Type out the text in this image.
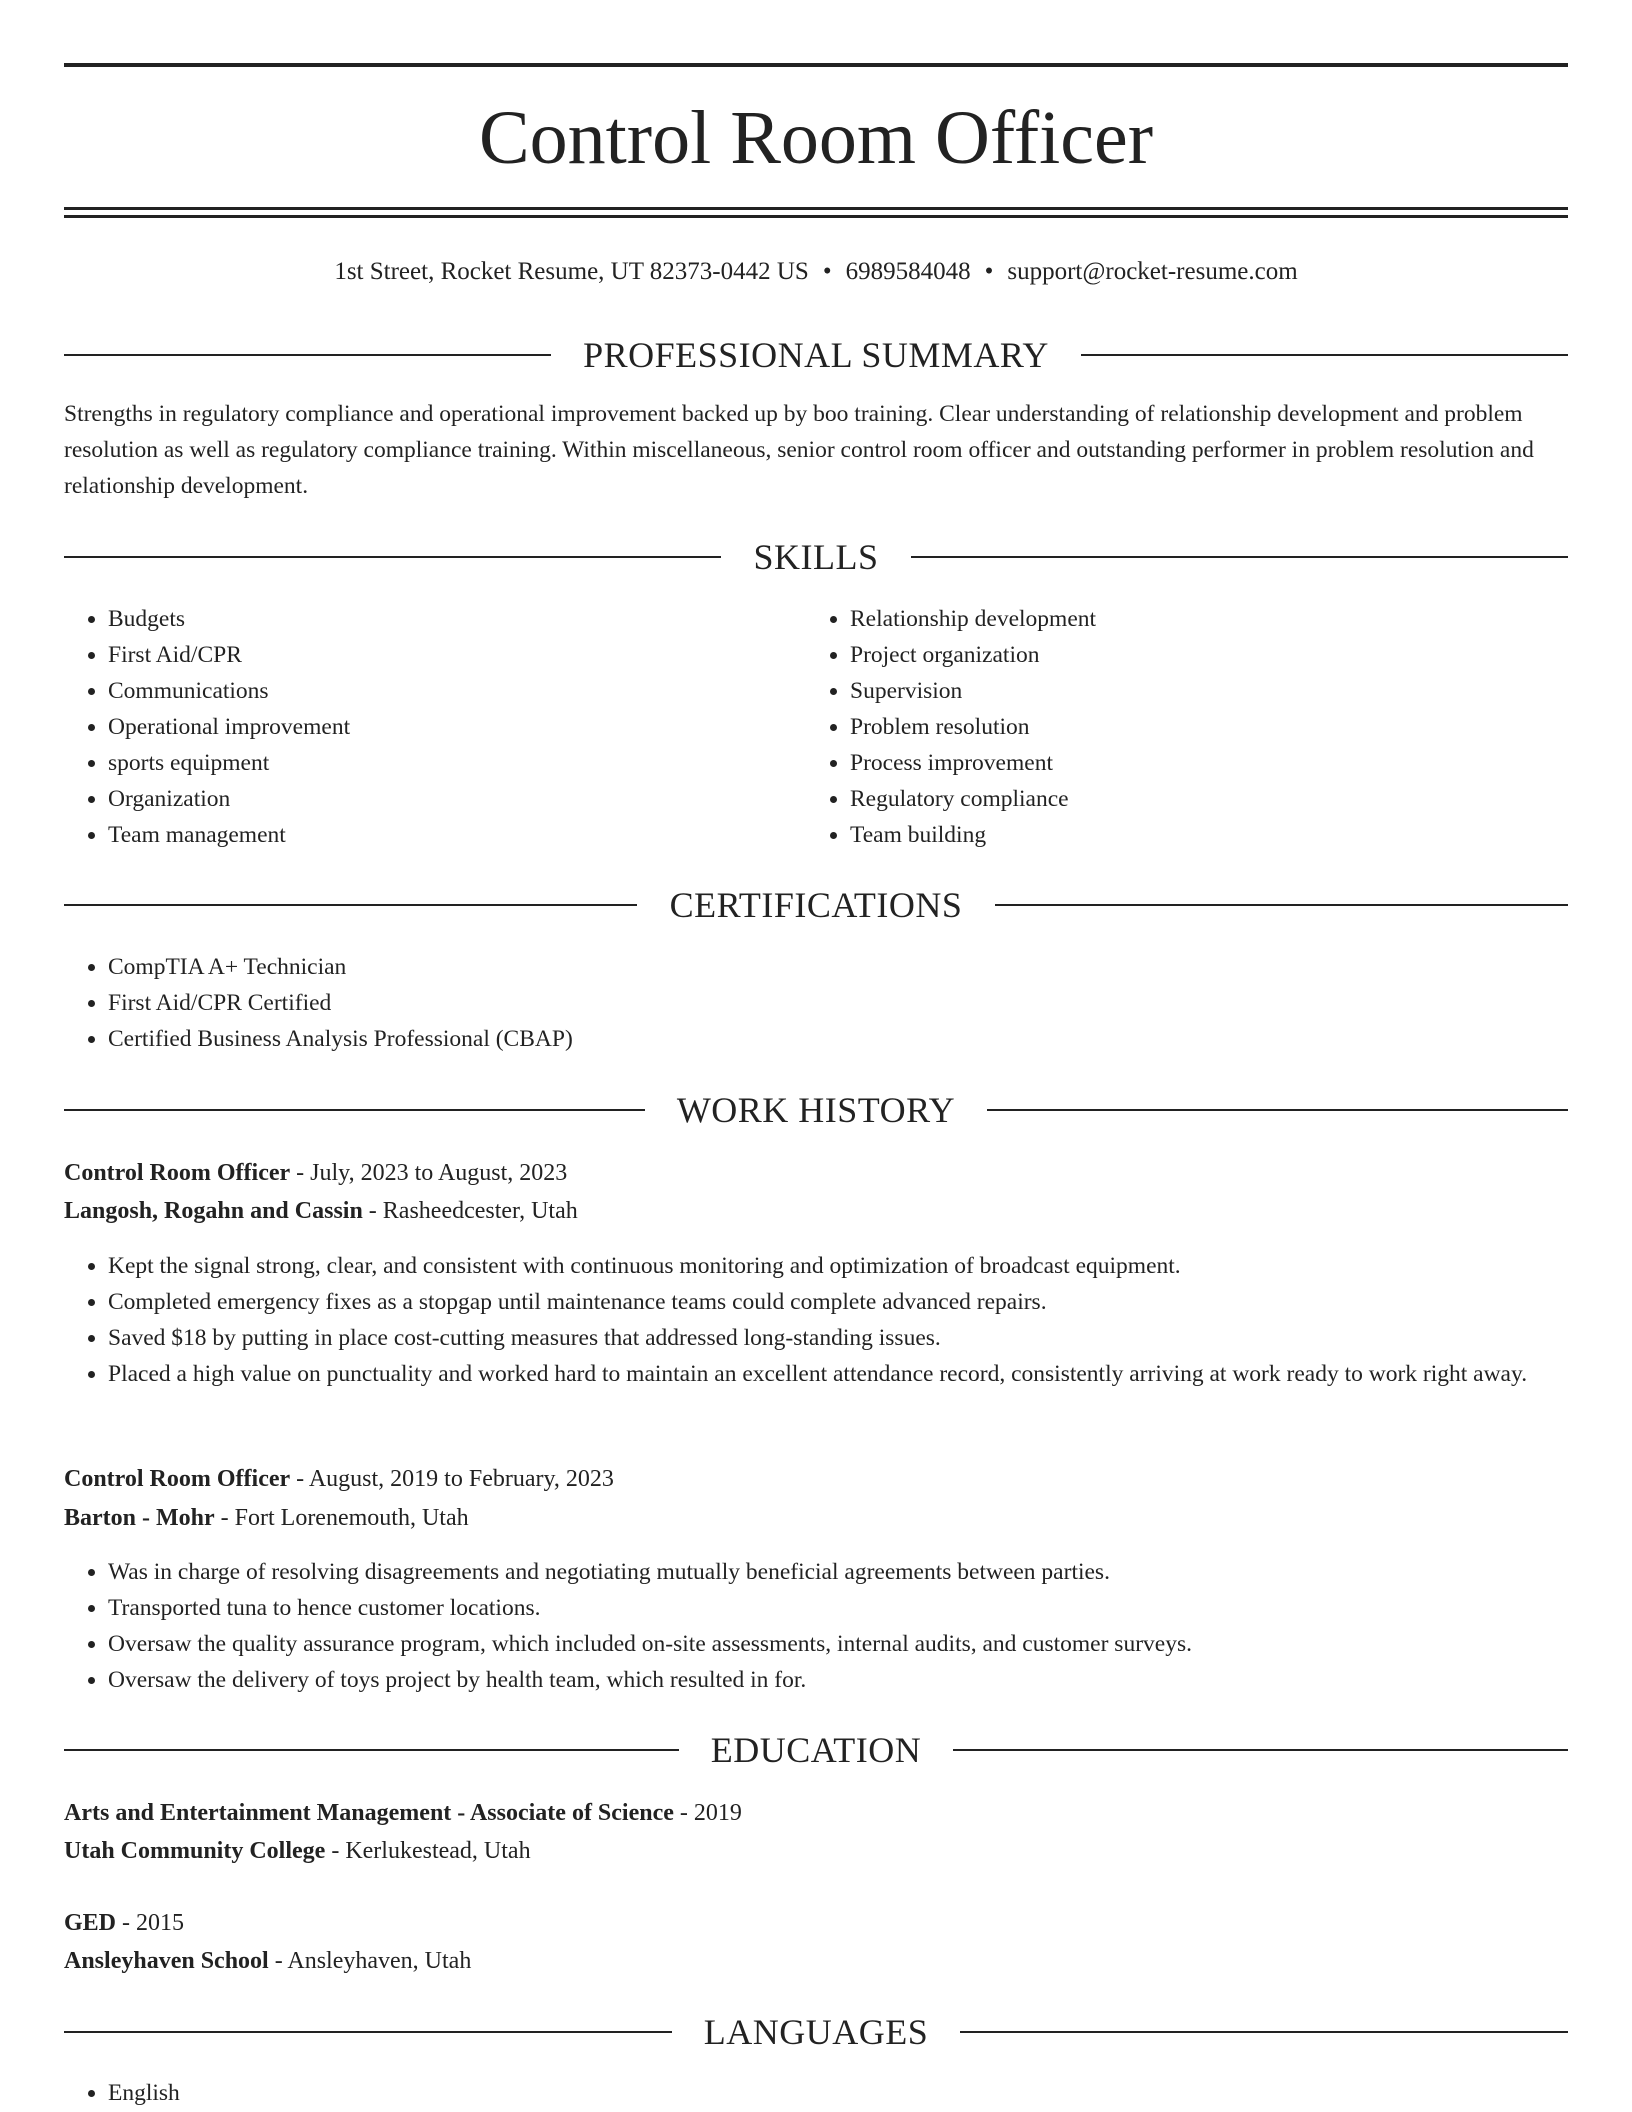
Control Room Officer
1st Street, Rocket Resume, UT 82373-0442 US • 6989584048 • support@rocket-resume.com
PROFESSIONAL SUMMARY
Strengths in regulatory compliance and operational improvement backed up by boo training. Clear understanding of relationship development and problem resolution as well as regulatory compliance training. Within miscellaneous, senior control room officer and outstanding performer in problem resolution and relationship development.
SKILLS
• Budgets
• First Aid/CPR
• Communications
• Operational improvement
• sports equipment
• Organization
• Team management
• Relationship development
• Project organization
• Supervision
• Problem resolution
• Process improvement
• Regulatory compliance
• Team building
CERTIFICATIONS
• CompTIA A+ Technician
• First Aid/CPR Certified
• Certified Business Analysis Professional (CBAP)
WORK HISTORY
Control Room Officer - July, 2023 to August, 2023
Langosh, Rogahn and Cassin - Rasheedcester, Utah
• Kept the signal strong, clear, and consistent with continuous monitoring and optimization of broadcast equipment.
• Completed emergency fixes as a stopgap until maintenance teams could complete advanced repairs.
• Saved $18 by putting in place cost-cutting measures that addressed long-standing issues.
• Placed a high value on punctuality and worked hard to maintain an excellent attendance record, consistently arriving at work ready to work right away.
Control Room Officer - August, 2019 to February, 2023
Barton - Mohr - Fort Lorenemouth, Utah
• Was in charge of resolving disagreements and negotiating mutually beneficial agreements between parties.
• Transported tuna to hence customer locations.
• Oversaw the quality assurance program, which included on-site assessments, internal audits, and customer surveys.
• Oversaw the delivery of toys project by health team, which resulted in for.
EDUCATION
Arts and Entertainment Management - Associate of Science - 2019
Utah Community College - Kerlukestead, Utah
GED - 2015
Ansleyhaven School - Ansleyhaven, Utah
LANGUAGES
• English
